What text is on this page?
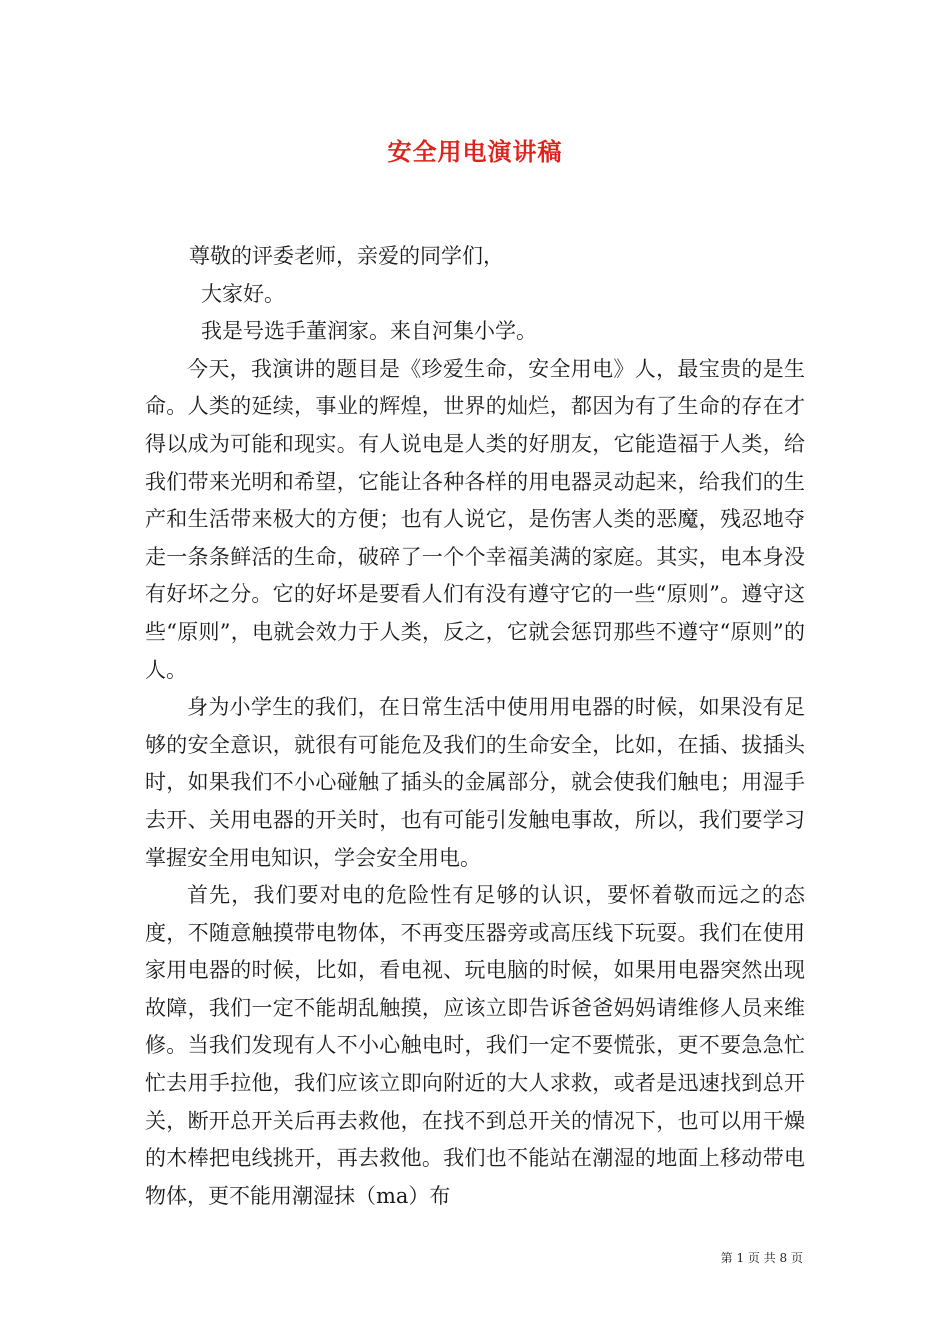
安全用电演讲稿

尊敬的评委老师，亲爱的同学们，

大家好。

我是号选手董润家。来自河集小学。

今天，我演讲的题目是《珍爱生命，安全用电》人，最宝贵的是生命。人类的延续，事业的辉煌，世界的灿烂，都因为有了生命的存在才得以成为可能和现实。有人说电是人类的好朋友，它能造福于人类，给我们带来光明和希望，它能让各种各样的用电器灵动起来，给我们的生产和生活带来极大的方便；也有人说它，是伤害人类的恶魔，残忍地夺走一条条鲜活的生命，破碎了一个个幸福美满的家庭。其实，电本身没有好坏之分。它的好坏是要看人们有没有遵守它的一些“原则”。遵守这些“原则”，电就会效力于人类，反之，它就会惩罚那些不遵守“原则”的人。

身为小学生的我们，在日常生活中使用用电器的时候，如果没有足够的安全意识，就很有可能危及我们的生命安全，比如，在插、拔插头时，如果我们不小心碰触了插头的金属部分，就会使我们触电；用湿手去开、关用电器的开关时，也有可能引发触电事故，所以，我们要学习掌握安全用电知识，学会安全用电。

首先，我们要对电的危险性有足够的认识，要怀着敬而远之的态度，不随意触摸带电物体，不再变压器旁或高压线下玩耍。我们在使用家用电器的时候，比如，看电视、玩电脑的时候，如果用电器突然出现故障，我们一定不能胡乱触摸，应该立即告诉爸爸妈妈请维修人员来维修。当我们发现有人不小心触电时，我们一定不要慌张，更不要急急忙忙去用手拉他，我们应该立即向附近的大人求救，或者是迅速找到总开关，断开总开关后再去救他，在找不到总开关的情况下，也可以用干燥的木棒把电线挑开，再去救他。我们也不能站在潮湿的地面上移动带电物体，更不能用潮湿抹（ma）布

第 1 页 共 8 页
